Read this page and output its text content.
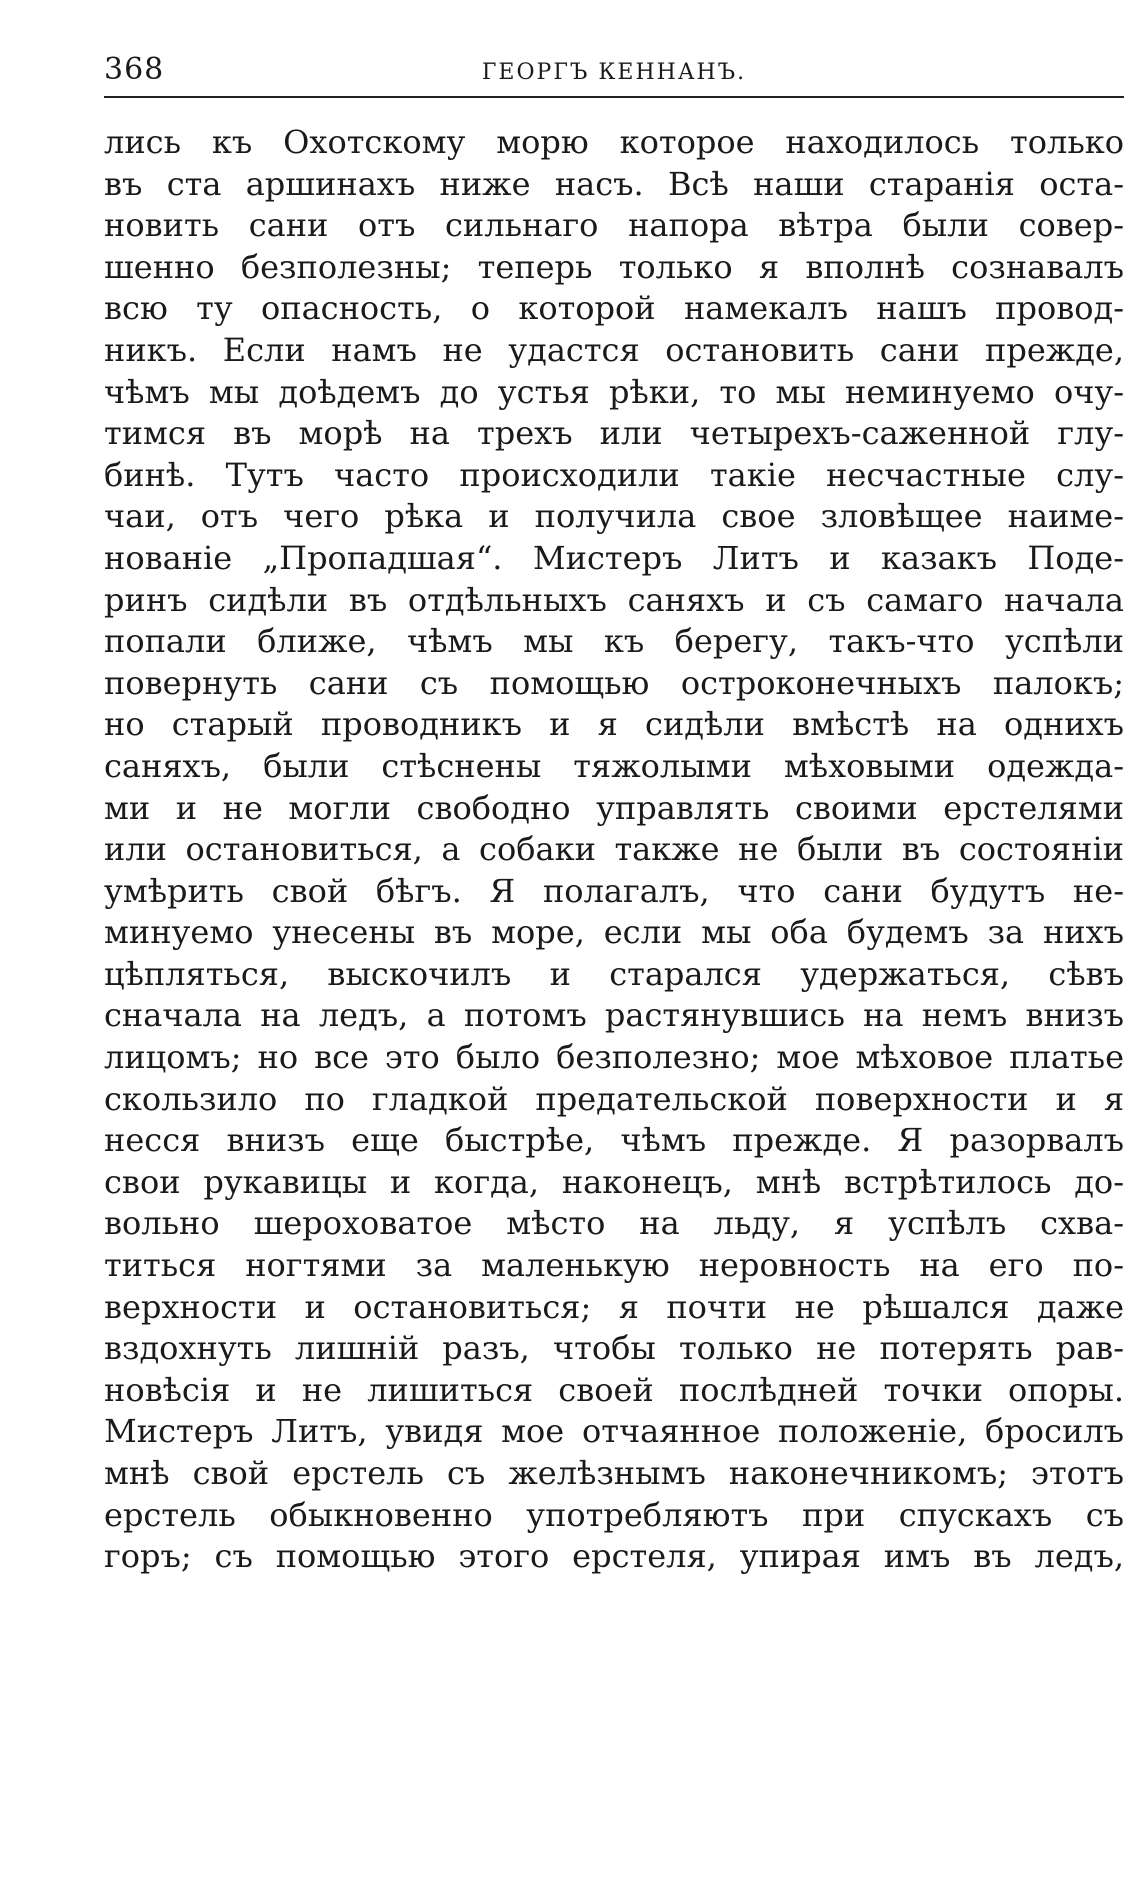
368	ГЕОРГЪ КЕННАНЪ.
лись къ Охотскому морю которое находилось только
въ ста аршинахъ ниже насъ. Всѣ наши старанія оста-
новить сани отъ сильнаго напора вѣтра были совер-
шенно безполезны; теперь только я вполнѣ сознавалъ
всю ту опасность, о которой намекалъ нашъ провод-
никъ. Если намъ не удастся остановить сани прежде,
чѣмъ мы доѣдемъ до устья рѣки, то мы неминуемо очу-
тимся въ морѣ на трехъ или четырехъ-саженной глу-
бинѣ. Тутъ часто происходили такіе несчастные слу-
чаи, отъ чего рѣка и получила свое зловѣщее наиме-
нованіе „Пропадшая“. Мистеръ Литъ и казакъ Поде-
ринъ сидѣли въ отдѣльныхъ саняхъ и съ самаго начала
попали ближе, чѣмъ мы къ берегу, такъ-что успѣли
повернуть сани съ помощью остроконечныхъ палокъ;
но старый проводникъ и я сидѣли вмѣстѣ на однихъ
саняхъ, были стѣснены тяжолыми мѣховыми одежда-
ми и не могли свободно управлять своими ерстелями
или остановиться, а собаки также не были въ состояніи
умѣрить свой бѣгъ. Я полагалъ, что сани будутъ не-
минуемо унесены въ море, если мы оба будемъ за нихъ
цѣпляться, выскочилъ и старался удержаться, сѣвъ
сначала на ледъ, а потомъ растянувшись на немъ внизъ
лицомъ; но все это было безполезно; мое мѣховое платье
скользило по гладкой предательской поверхности и я
несся внизъ еще быстрѣе, чѣмъ прежде. Я разорвалъ
свои рукавицы и когда, наконецъ, мнѣ встрѣтилось до-
вольно шероховатое мѣсто на льду, я успѣлъ схва-
титься ногтями за маленькую неровность на его по-
верхности и остановиться; я почти не рѣшался даже
вздохнуть лишній разъ, чтобы только не потерять рав-
новѣсія и не лишиться своей послѣдней точки опоры.
Мистеръ Литъ, увидя мое отчаянное положеніе, бросилъ
мнѣ свой ерстель съ желѣзнымъ наконечникомъ; этотъ
ерстель обыкновенно употребляютъ при спускахъ съ
горъ; съ помощью этого ерстеля, упирая имъ въ ледъ,
